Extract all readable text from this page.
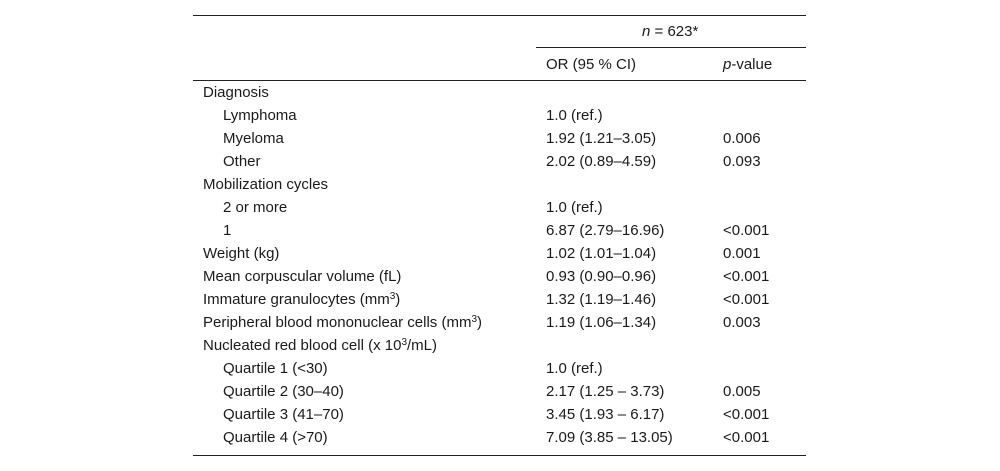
n = 623*
OR (95 % CI)	p-value
Diagnosis
Lymphoma	1.0 (ref.)
Myeloma	1.92 (1.21–3.05)	0.006
Other	2.02 (0.89–4.59)	0.093
Mobilization cycles
2 or more	1.0 (ref.)
1	6.87 (2.79–16.96)	<0.001
Weight (kg)	1.02 (1.01–1.04)	0.001
Mean corpuscular volume (fL)	0.93 (0.90–0.96)	<0.001
Immature granulocytes $(mm^3)$	1.32 (1.19–1.46)	<0.001
Peripheral blood mononuclear cells $(mm^3)$	1.19 (1.06–1.34)	0.003
Nucleated red blood cell (x $10^3/mL$)
Quartile 1 (<30)	1.0 (ref.)
Quartile 2 (30–40)	2.17 (1.25 – 3.73)	0.005
Quartile 3 (41–70)	3.45 (1.93 – 6.17)	<0.001
Quartile 4 (>70)	7.09 (3.85 – 13.05)	<0.001
